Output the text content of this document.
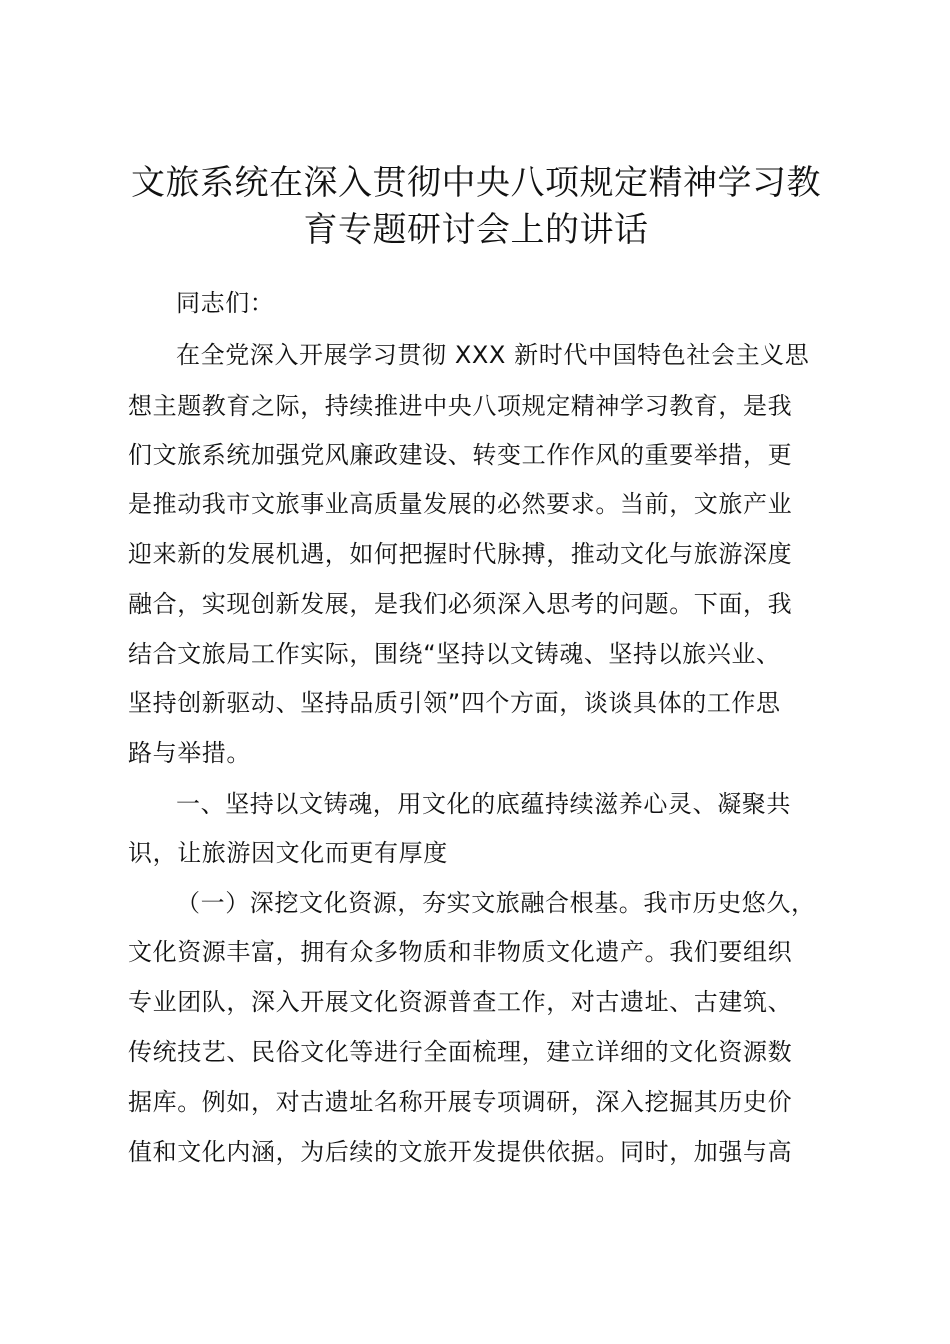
文旅系统在深入贯彻中央八项规定精神学习教
育专题研讨会上的讲话
同志们：
在全党深入开展学习贯彻 XXX 新时代中国特色社会主义思
想主题教育之际，持续推进中央八项规定精神学习教育，是我
们文旅系统加强党风廉政建设、转变工作作风的重要举措，更
是推动我市文旅事业高质量发展的必然要求。当前，文旅产业
迎来新的发展机遇，如何把握时代脉搏，推动文化与旅游深度
融合，实现创新发展，是我们必须深入思考的问题。下面，我
结合文旅局工作实际，围绕“坚持以文铸魂、坚持以旅兴业、
坚持创新驱动、坚持品质引领”四个方面，谈谈具体的工作思
路与举措。
一、坚持以文铸魂，用文化的底蕴持续滋养心灵、凝聚共
识，让旅游因文化而更有厚度
（一）深挖文化资源，夯实文旅融合根基。我市历史悠久，
文化资源丰富，拥有众多物质和非物质文化遗产。我们要组织
专业团队，深入开展文化资源普查工作，对古遗址、古建筑、
传统技艺、民俗文化等进行全面梳理，建立详细的文化资源数
据库。例如，对古遗址名称开展专项调研，深入挖掘其历史价
值和文化内涵，为后续的文旅开发提供依据。同时，加强与高
